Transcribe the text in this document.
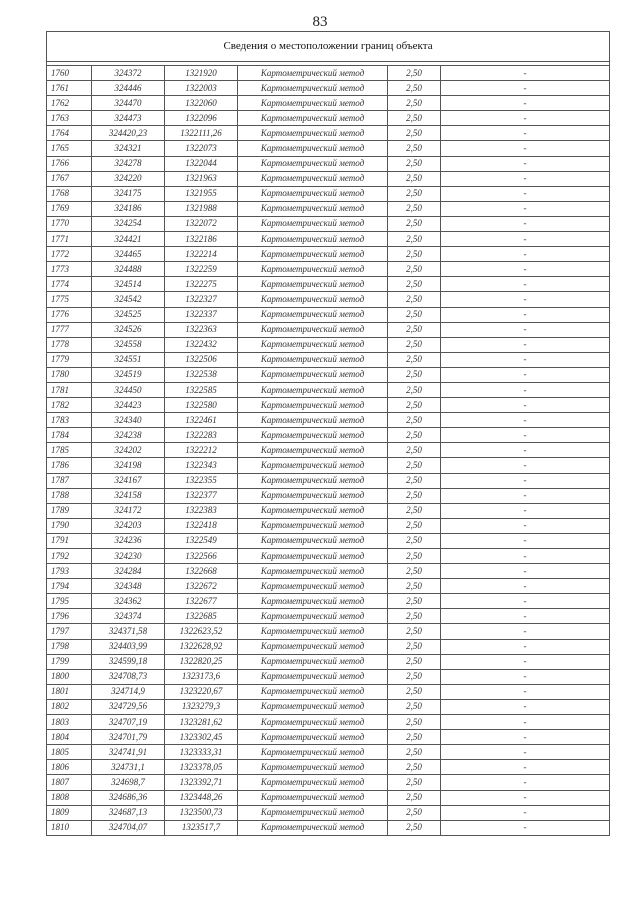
83
Сведения о местоположении границ объекта					

1760	324372	1321920	Картометрический метод	2,50	-
1761	324446	1322003	Картометрический метод	2,50	-
1762	324470	1322060	Картометрический метод	2,50	-
1763	324473	1322096	Картометрический метод	2,50	-
1764	324420,23	1322111,26	Картометрический метод	2,50	-
1765	324321	1322073	Картометрический метод	2,50	-
1766	324278	1322044	Картометрический метод	2,50	-
1767	324220	1321963	Картометрический метод	2,50	-
1768	324175	1321955	Картометрический метод	2,50	-
1769	324186	1321988	Картометрический метод	2,50	-
1770	324254	1322072	Картометрический метод	2,50	-
1771	324421	1322186	Картометрический метод	2,50	-
1772	324465	1322214	Картометрический метод	2,50	-
1773	324488	1322259	Картометрический метод	2,50	-
1774	324514	1322275	Картометрический метод	2,50	-
1775	324542	1322327	Картометрический метод	2,50	-
1776	324525	1322337	Картометрический метод	2,50	-
1777	324526	1322363	Картометрический метод	2,50	-
1778	324558	1322432	Картометрический метод	2,50	-
1779	324551	1322506	Картометрический метод	2,50	-
1780	324519	1322538	Картометрический метод	2,50	-
1781	324450	1322585	Картометрический метод	2,50	-
1782	324423	1322580	Картометрический метод	2,50	-
1783	324340	1322461	Картометрический метод	2,50	-
1784	324238	1322283	Картометрический метод	2,50	-
1785	324202	1322212	Картометрический метод	2,50	-
1786	324198	1322343	Картометрический метод	2,50	-
1787	324167	1322355	Картометрический метод	2,50	-
1788	324158	1322377	Картометрический метод	2,50	-
1789	324172	1322383	Картометрический метод	2,50	-
1790	324203	1322418	Картометрический метод	2,50	-
1791	324236	1322549	Картометрический метод	2,50	-
1792	324230	1322566	Картометрический метод	2,50	-
1793	324284	1322668	Картометрический метод	2,50	-
1794	324348	1322672	Картометрический метод	2,50	-
1795	324362	1322677	Картометрический метод	2,50	-
1796	324374	1322685	Картометрический метод	2,50	-
1797	324371,58	1322623,52	Картометрический метод	2,50	-
1798	324403,99	1322628,92	Картометрический метод	2,50	-
1799	324599,18	1322820,25	Картометрический метод	2,50	-
1800	324708,73	1323173,6	Картометрический метод	2,50	-
1801	324714,9	1323220,67	Картометрический метод	2,50	-
1802	324729,56	1323279,3	Картометрический метод	2,50	-
1803	324707,19	1323281,62	Картометрический метод	2,50	-
1804	324701,79	1323302,45	Картометрический метод	2,50	-
1805	324741,91	1323333,31	Картометрический метод	2,50	-
1806	324731,1	1323378,05	Картометрический метод	2,50	-
1807	324698,7	1323392,71	Картометрический метод	2,50	-
1808	324686,36	1323448,26	Картометрический метод	2,50	-
1809	324687,13	1323500,73	Картометрический метод	2,50	-
1810	324704,07	1323517,7	Картометрический метод	2,50	-
